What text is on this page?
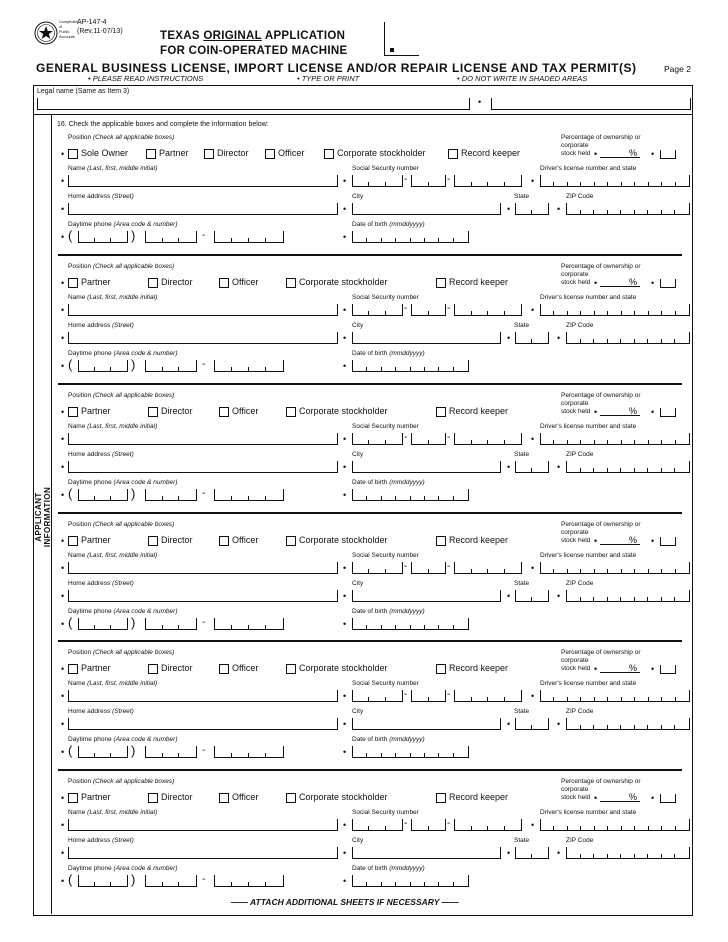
Comptroller of Public Accounts
AP-147-4
(Rev.11-07/13)	TEXAS ORIGINAL APPLICATION
FOR COIN-OPERATED MACHINE
GENERAL BUSINESS LICENSE, IMPORT LICENSE AND/OR REPAIR LICENSE AND TAX PERMIT(S)	Page 2
• PLEASE READ INSTRUCTIONS	• TYPE OR PRINT	• DO NOT WRITE IN SHADED AREAS
Legal name (Same as Item 3)
•
APPLICANT INFORMATION
16. Check the applicable boxes and complete the information below:
Position (Check all applicable boxes)	Percentage of ownership or
corporate
stock held
• Sole Owner	Partner	Director	Officer	Corporate stockholder	Record keeper	•	% •
Name (Last, first, middle initial)	Social Security number	Driver's license number and state
•	•	-	-	•
Home address (Street)	City	State	ZIP Code
•	•	•	•
Daytime phone (Area code & number)	Date of birth (mmddyyyy)
• (	)	-	•
Position (Check all applicable boxes)	Percentage of ownership or
corporate
stock held
• Partner	Director	Officer	Corporate stockholder	Record keeper	•	% •
Name (Last, first, middle initial)	Social Security number	Driver's license number and state
•	•	-	-	•
Home address (Street)	City	State	ZIP Code
•	•	•	•
Daytime phone (Area code & number)	Date of birth (mmddyyyy)
• (	)	-	•
Position (Check all applicable boxes)	Percentage of ownership or
corporate
stock held
• Partner	Director	Officer	Corporate stockholder	Record keeper	•	% •
Name (Last, first, middle initial)	Social Security number	Driver's license number and state
•	•	-	-	•
Home address (Street)	City	State	ZIP Code
•	•	•	•
Daytime phone (Area code & number)	Date of birth (mmddyyyy)
• (	)	-	•
Position (Check all applicable boxes)	Percentage of ownership or
corporate
stock held
• Partner	Director	Officer	Corporate stockholder	Record keeper	•	% •
Name (Last, first, middle initial)	Social Security number	Driver's license number and state
•	•	-	-	•
Home address (Street)	City	State	ZIP Code
•	•	•	•
Daytime phone (Area code & number)	Date of birth (mmddyyyy)
• (	)	-	•
Position (Check all applicable boxes)	Percentage of ownership or
corporate
stock held
• Partner	Director	Officer	Corporate stockholder	Record keeper	•	% •
Name (Last, first, middle initial)	Social Security number	Driver's license number and state
•	•	-	-	•
Home address (Street)	City	State	ZIP Code
•	•	•	•
Daytime phone (Area code & number)	Date of birth (mmddyyyy)
• (	)	-	•
Position (Check all applicable boxes)	Percentage of ownership or
corporate
stock held
• Partner	Director	Officer	Corporate stockholder	Record keeper	•	% •
Name (Last, first, middle initial)	Social Security number	Driver's license number and state
•	•	-	-	•
Home address (Street)	City	State	ZIP Code
•	•	•	•
Daytime phone (Area code & number)	Date of birth (mmddyyyy)
• (	)	-	•
—— ATTACH ADDITIONAL SHEETS IF NECESSARY ——
